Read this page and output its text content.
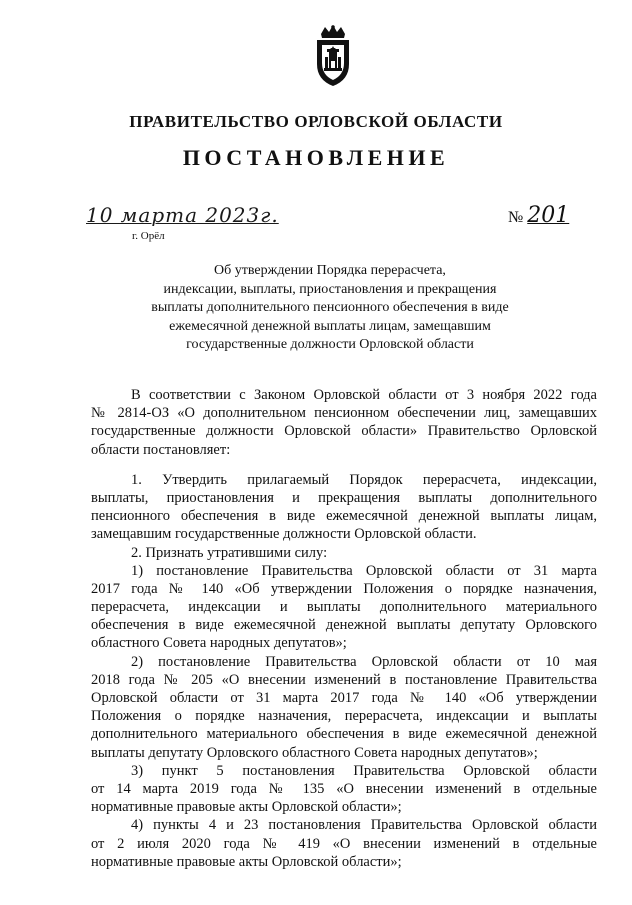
ПРАВИТЕЛЬСТВО ОРЛОВСКОЙ ОБЛАСТИ
ПОСТАНОВЛЕНИЕ
10 марта 2023г.
г. Орёл
№ 201
Об утверждении Порядка перерасчета,
индексации, выплаты, приостановления и прекращения
выплаты дополнительного пенсионного обеспечения в виде
ежемесячной денежной выплаты лицам, замещавшим
государственные должности Орловской области
В соответствии с Законом Орловской области от 3 ноября 2022 года
№ 2814-ОЗ «О дополнительном пенсионном обеспечении лиц, замещавших
государственные должности Орловской области» Правительство Орловской
области постановляет:
1. Утвердить прилагаемый Порядок перерасчета, индексации,
выплаты, приостановления и прекращения выплаты дополнительного
пенсионного обеспечения в виде ежемесячной денежной выплаты лицам,
замещавшим государственные должности Орловской области.
2. Признать утратившими силу:
1) постановление Правительства Орловской области от 31 марта
2017 года № 140 «Об утверждении Положения о порядке назначения,
перерасчета, индексации и выплаты дополнительного материального
обеспечения в виде ежемесячной денежной выплаты депутату Орловского
областного Совета народных депутатов»;
2) постановление Правительства Орловской области от 10 мая
2018 года № 205 «О внесении изменений в постановление Правительства
Орловской области от 31 марта 2017 года № 140 «Об утверждении
Положения о порядке назначения, перерасчета, индексации и выплаты
дополнительного материального обеспечения в виде ежемесячной денежной
выплаты депутату Орловского областного Совета народных депутатов»;
3) пункт 5 постановления Правительства Орловской области
от 14 марта 2019 года № 135 «О внесении изменений в отдельные
нормативные правовые акты Орловской области»;
4) пункты 4 и 23 постановления Правительства Орловской области
от 2 июля 2020 года № 419 «О внесении изменений в отдельные
нормативные правовые акты Орловской области»;
